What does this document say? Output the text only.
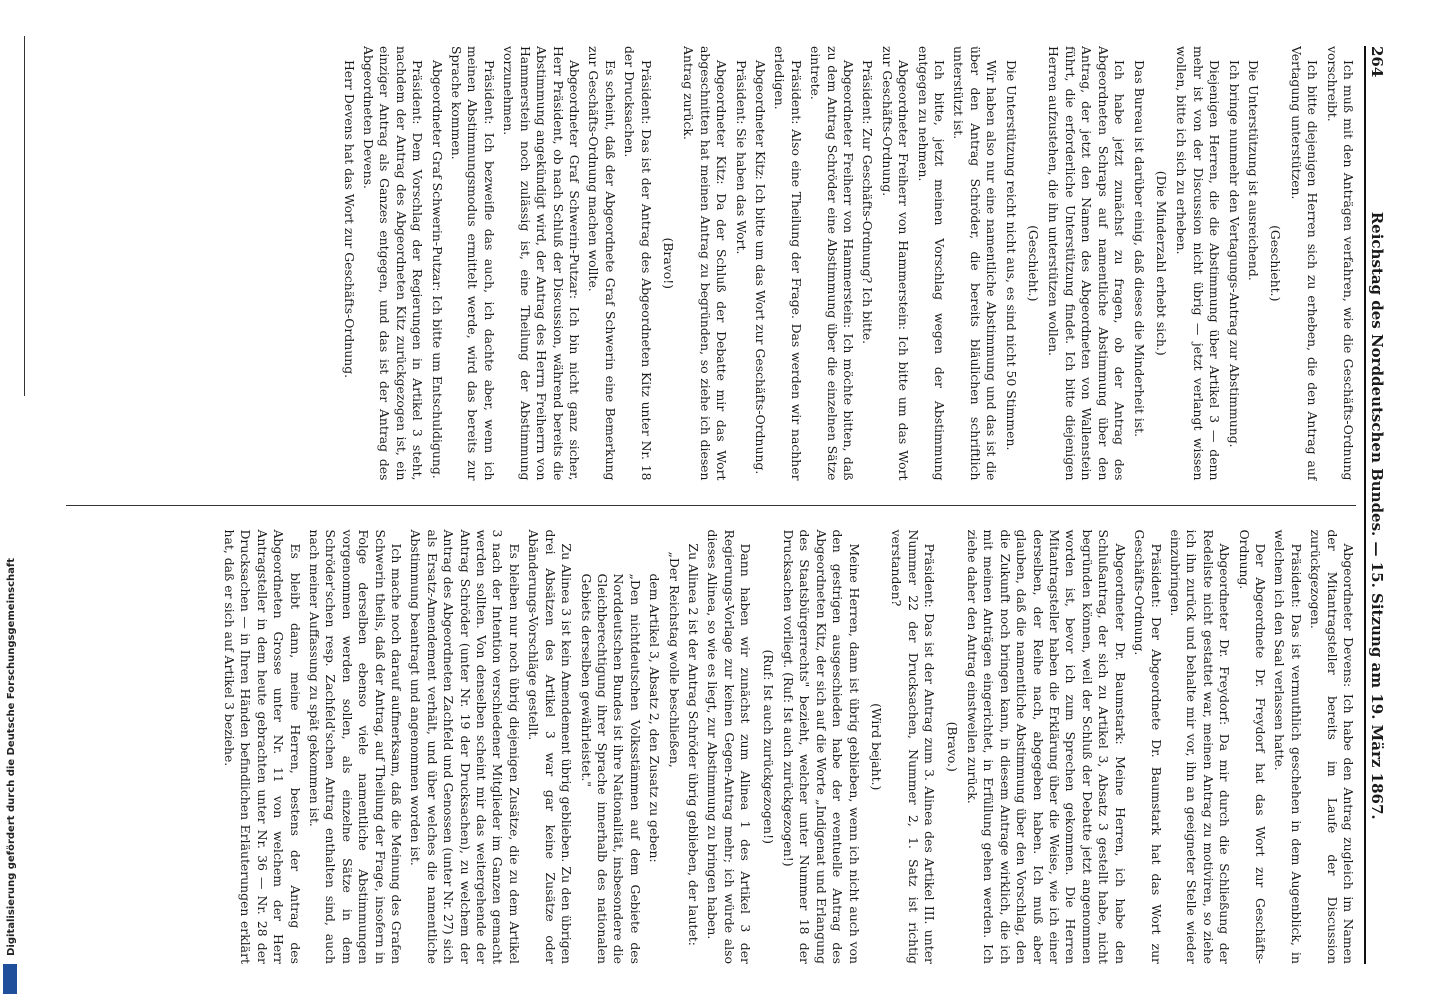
264
Reichstag des Norddeutschen Bundes. — 15. Sitzung am 19. März 1867.

Ich muß mit den Anträgen verfahren, wie die Geschäfts-Ordnung vorschreibt.

Ich bitte diejenigen Herren sich zu erheben, die den Antrag auf Vertagung unterstützen.

(Geschieht.)

Die Unterstützung ist ausreichend.

Ich bringe nunmehr den Vertagungs-Antrag zur Abstimmung.

Diejenigen Herren, die die Abstimmung über Artikel 3 — denn mehr ist von der Discussion nicht übrig — jetzt verlangt wissen wollen, bitte ich sich zu erheben.

(Die Minderzahl erhebt sich.)

Das Bureau ist darüber einig, daß dieses die Minderheit ist.

Ich habe jetzt zunächst zu fragen, ob der Antrag des Abgeordneten Schraps auf namentliche Abstimmung über den Antrag, der jetzt den Namen des Abgeordneten von Wallenstein führt, die erforderliche Unterstützung findet. Ich bitte diejenigen Herren aufzustehen, die ihn unterstützen wollen.

(Geschieht.)

Die Unterstützung reicht nicht aus, es sind nicht 50 Stimmen.

Wir haben also nur eine namentliche Abstimmung und das ist die über den Antrag Schröder, die bereits bläulichen schriftlich unterstützt ist.

Ich bitte, jetzt meinen Vorschlag wegen der Abstimmung entgegen zu nehmen.

Abgeordneter Freiherr von Hammerstein: Ich bitte um das Wort zur Geschäfts-Ordnung.

Präsident: Zur Geschäfts-Ordnung? Ich bitte.

Abgeordneter Freiherr von Hammerstein: Ich möchte bitten, daß zu dem Antrag Schröder eine Abstimmung über die einzelnen Sätze eintrete.

Präsident: Also eine Theilung der Frage. Das werden wir nachher erledigen.

Abgeordneter Kitz: Ich bitte um das Wort zur Geschäfts-Ordnung.

Präsident: Sie haben das Wort.

Abgeordneter Kitz: Da der Schluß der Debatte mir das Wort abgeschnitten hat meinen Antrag zu begründen, so ziehe ich diesen Antrag zurück.

(Bravo!)

Präsident: Das ist der Antrag des Abgeordneten Kitz unter Nr. 18 der Drucksachen.

Es scheint, daß der Abgeordnete Graf Schwerin eine Bemerkung zur Geschäfts-Ordnung machen wollte.

Abgeordneter Graf Schwerin-Putzar: Ich bin nicht ganz sicher, Herr Präsident, ob nach Schluß der Discussion, während bereits die Abstimmung angekündigt wird, der Antrag des Herrn Freiherrn von Hammerstein noch zulässig ist, eine Theilung der Abstimmung vorzunehmen.

Präsident: Ich bezweifle das auch, ich dachte aber, wenn ich meinen Abstimmungsmodus ermittelt werde, wird das bereits zur Sprache kommen.

Abgeordneter Graf Schwerin-Putzar: Ich bitte um Entschuldigung.

Präsident: Dem Vorschlag der Regierungen in Artikel 3 steht, nachdem der Antrag des Abgeordneten Kitz zurückgezogen ist, ein einziger Antrag als Ganzes entgegen, und das ist der Antrag des Abgeordneten Devens.

Herr Devens hat das Wort zur Geschäfts-Ordnung.

Abgeordneter Devens: Ich habe den Antrag zugleich im Namen der Mitantragsteller bereits im Laufe der Discussion zurückgezogen.

Präsident: Das ist vermuthlich geschehen in dem Augenblick, in welchem ich den Saal verlassen hatte.

Der Abgeordnete Dr. Freydorf hat das Wort zur Geschäfts-Ordnung.

Abgeordneter Dr. Freydorf: Da mir durch die Schließung der Redeliste nicht gestattet war, meinen Antrag zu motiviren, so ziehe ich ihn zurück und behalte mir vor, ihn an geeigneter Stelle wieder einzubringen.

Präsident: Der Abgeordnete Dr. Baumstark hat das Wort zur Geschäfts-Ordnung.

Abgeordneter Dr. Baumstark: Meine Herren, ich habe den Schlußantrag, der sich zu Artikel 3, Absatz 3 gestellt habe, nicht begründen können, weil der Schluß der Debatte jetzt angenommen worden ist, bevor ich zum Sprechen gekommen. Die Herren Mitantragsteller haben die Erklärung über die Weise, wie ich einer derselben, der Reihe nach, abgegeben haben. Ich muß aber glauben, daß die namentliche Abstimmung über den Vorschlag, den die Zukunft noch bringen kann, in diesem Antrage wirklich, die ich mit meinen Anträgen eingerichtet, in Erfüllung gehen werden. Ich ziehe daher den Antrag einstweilen zurück.

(Bravo.)

Präsident: Das ist der Antrag zum 3. Alinea des Artikel III. unter Nummer 22 der Drucksachen, Nummer 2, 1. Satz ist richtig verstanden?

(Wird bejaht.)

Meine Herren, dann ist übrig geblieben, wenn ich nicht auch von den gestrigen ausgeschieden habe der eventuelle Antrag des Abgeordneten Kitz, der sich auf die Worte „Indigenat und Erlangung des Staatsbürgerrechts" bezieht, welcher unter Nummer 18 der Drucksachen vorliegt. (Ruf: Ist auch zurückgezogen!)

(Ruf: Ist auch zurückgezogen!)

Dann haben wir zunächst zum Alinea 1 des Artikel 3 der Regierungs-Vorlage zur keinen Gegen-Antrag mehr; ich würde also dieses Alinea, so wie es liegt, zur Abstimmung zu bringen haben.

Zu Alinea 2 ist der Antrag Schröder übrig geblieben, der lautet:

„Der Reichstag wolle beschließen,

dem Artikel 3, Absatz 2, den Zusatz zu geben:

„Den nichtdeutschen Volksstämmen auf dem Gebiete des Norddeutschen Bundes ist ihre Nationalität, insbesondere die Gleichberechtigung ihrer Sprache innerhalb des nationalen Gebiets derselben gewährleistet."

Zu Alinea 3 ist kein Amendement übrig geblieben. Zu den übrigen drei Absätzen des Artikel 3 war gar keine Zusätze oder Abänderungs-Vorschläge gestellt.

Es bleiben nur noch übrig diejenigen Zusätze, die zu dem Artikel 3 nach der Intention verschiedener Mitglieder im Ganzen gemacht werden sollten. Von denselben scheint mir das weitergehende der Antrag Schröder (unter Nr. 19 der Drucksachen), zu welchem der Antrag des Abgeordneten Zachfeld und Genossen (unter Nr. 27) sich als Ersatz-Amendement verhält, und über welches die namentliche Abstimmung beantragt und angenommen worden ist.

Ich mache noch darauf aufmerksam, daß die Meinung des Grafen Schwerin theils, daß der Antrag, auf Theilung der Frage, insofern in Folge derselben ebenso viele namentliche Abstimmungen vorgenommen werden sollen, als einzelne Sätze in dem Schröder'schen resp. Zachfeld'schen Antrag enthalten sind, auch nach meiner Auffassung zu spät gekommen ist.

Es bleibt dann, meine Herren, bestens der Antrag des Abgeordneten Grosse unter Nr. 11 von welchem der Herr Antragsteller in dem heute gebrachten unter Nr. 36 — Nr. 28 der Drucksachen — in Ihren Händen befindlichen Erläuterungen erklärt hat, daß er sich auf Artikel 3 beziehe.

Digitalisierung gefördert durch die Deutsche Forschungsgemeinschaft
